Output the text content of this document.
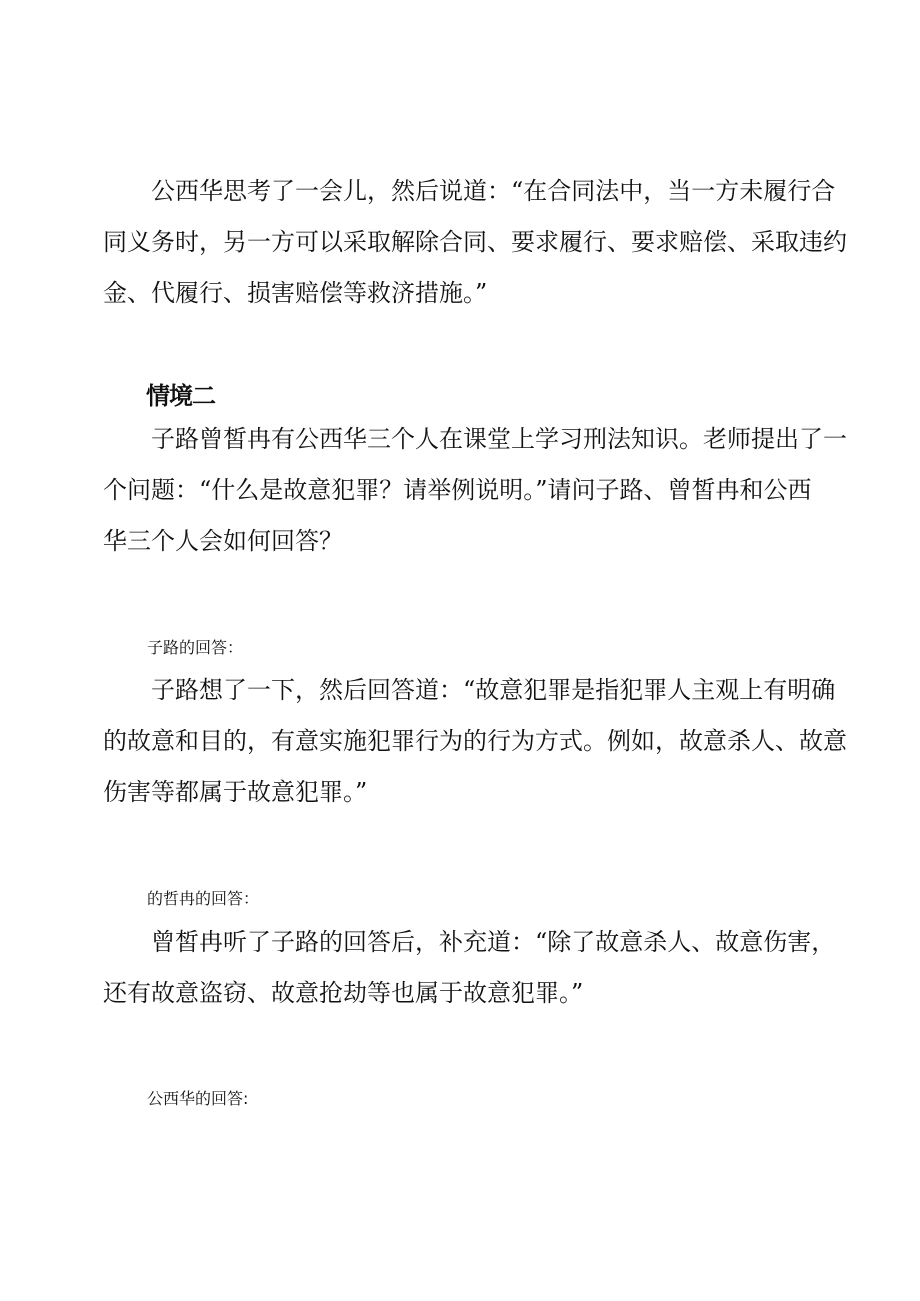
公西华思考了一会儿，然后说道：“在合同法中，当一方未履行合
同义务时，另一方可以采取解除合同、要求履行、要求赔偿、采取违约
金、代履行、损害赔偿等救济措施。”

情境二

子路曾皙冉有公西华三个人在课堂上学习刑法知识。老师提出了一
个问题：“什么是故意犯罪？请举例说明。”请问子路、曾皙冉和公西
华三个人会如何回答？

子路的回答：

子路想了一下，然后回答道：“故意犯罪是指犯罪人主观上有明确
的故意和目的，有意实施犯罪行为的行为方式。例如，故意杀人、故意
伤害等都属于故意犯罪。”

的哲冉的回答：

曾皙冉听了子路的回答后，补充道：“除了故意杀人、故意伤害，
还有故意盗窃、故意抢劫等也属于故意犯罪。”

公西华的回答:
